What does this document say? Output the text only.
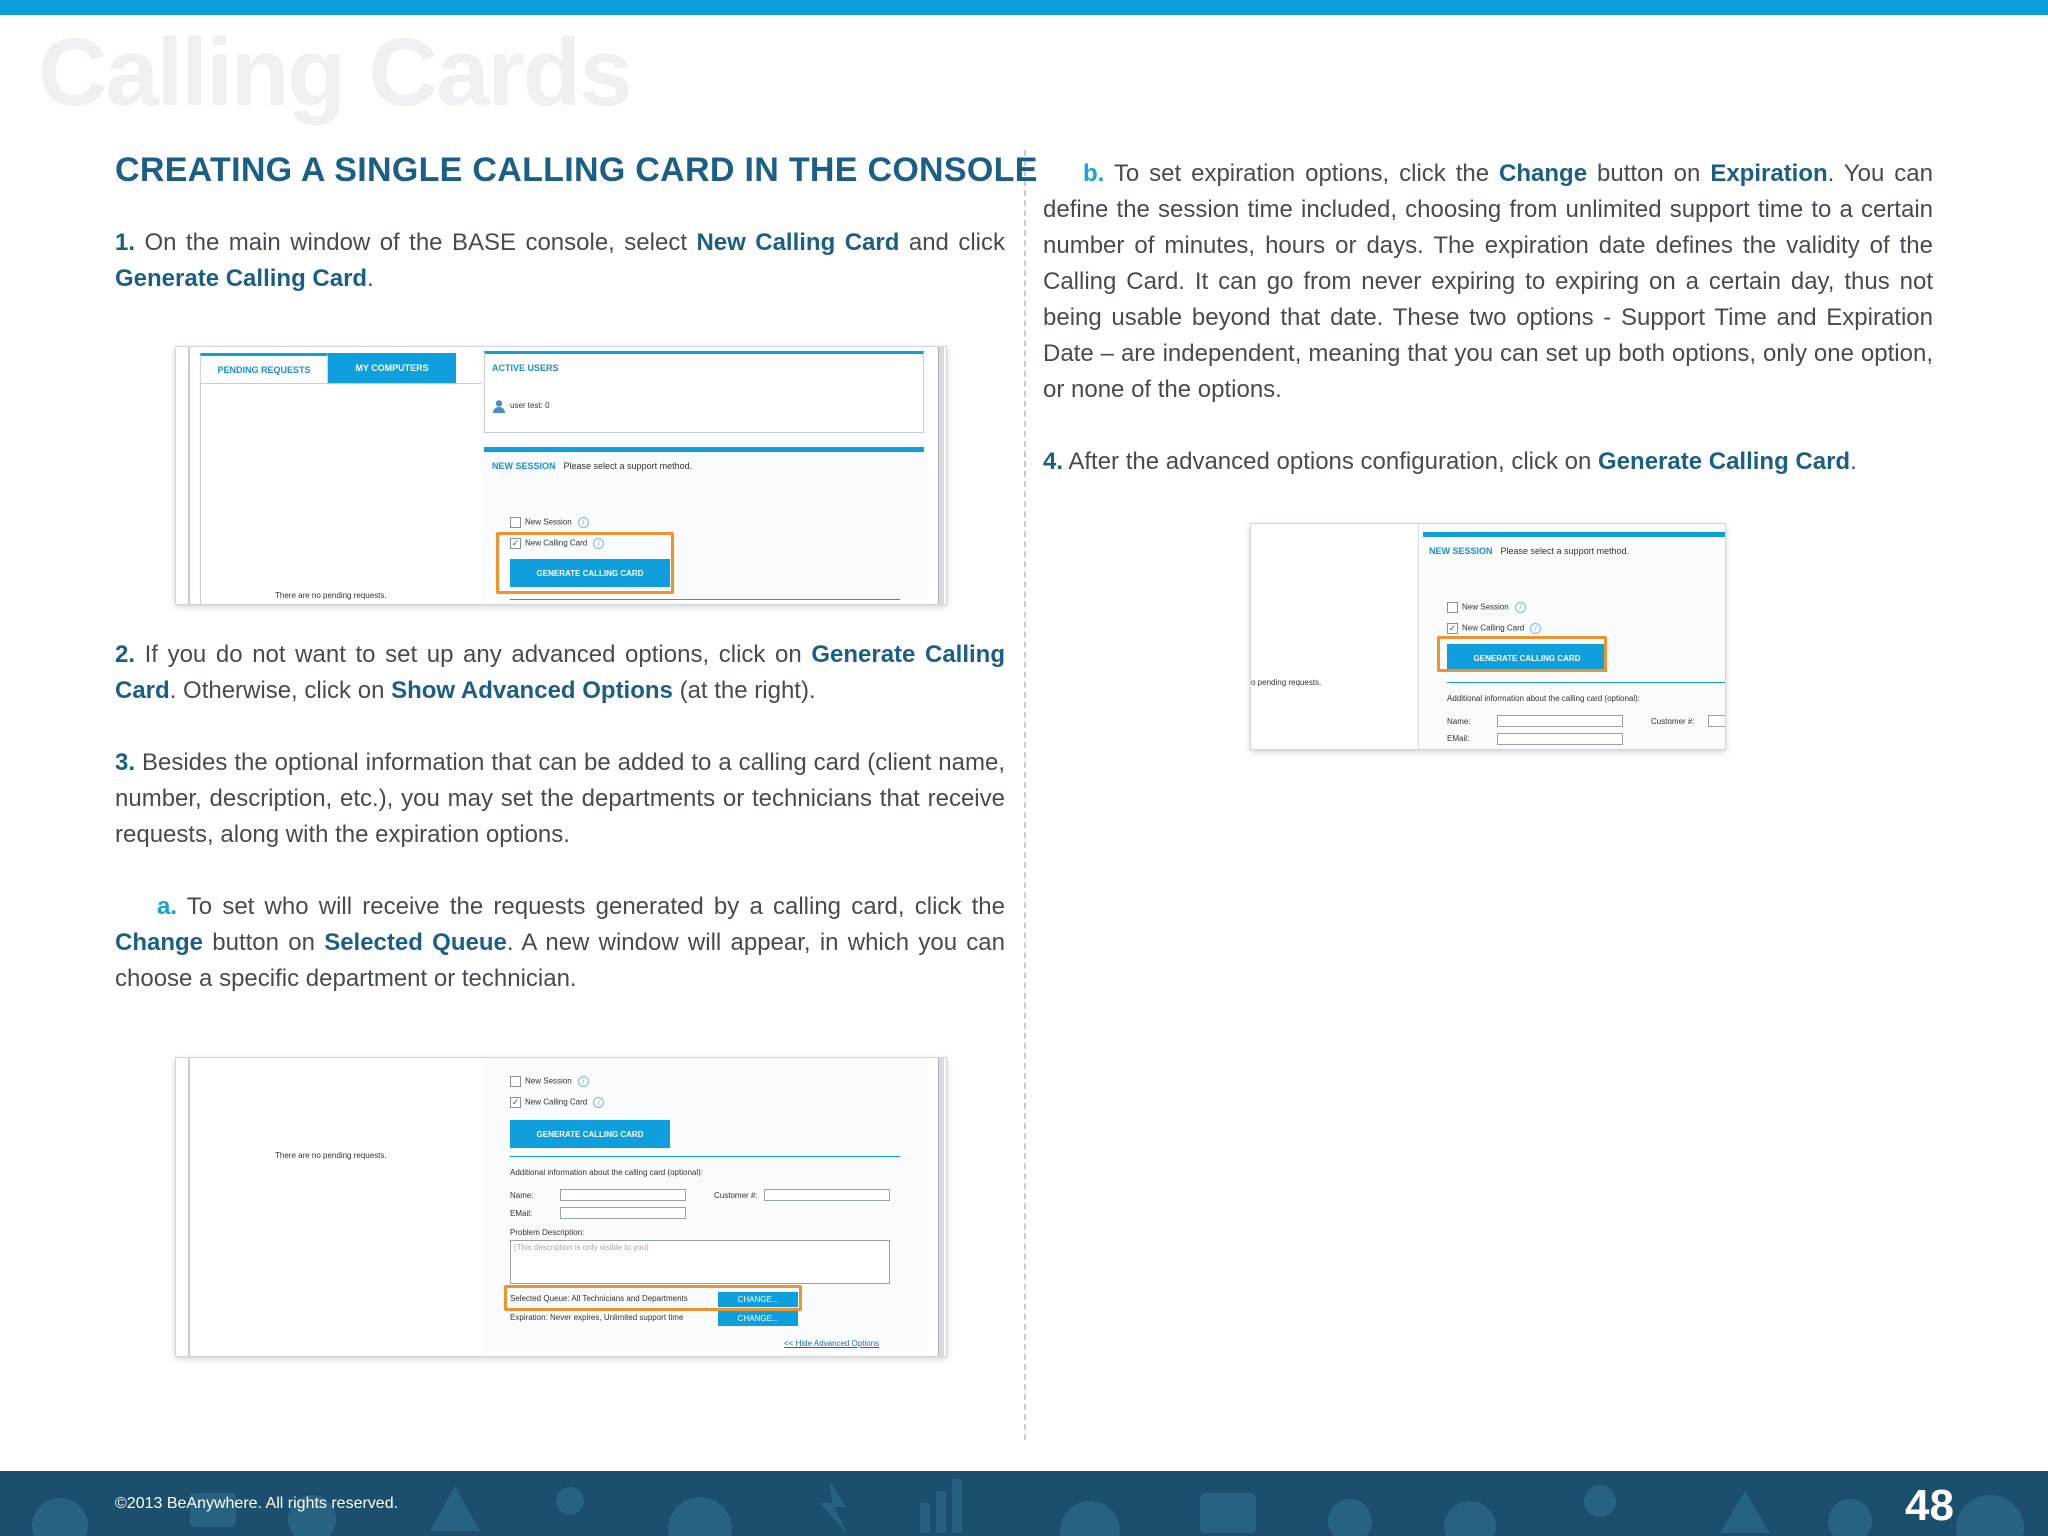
Calling Cards
CREATING A SINGLE CALLING CARD IN THE CONSOLE

1. On the main window of the BASE console, select New Calling Card and click Generate Calling Card.

2. If you do not want to set up any advanced options, click on Generate Calling Card. Otherwise, click on Show Advanced Options (at the right).

3. Besides the optional information that can be added to a calling card (client name, number, description, etc.), you may set the departments or technicians that receive requests, along with the expiration options.

a. To set who will receive the requests generated by a calling card, click the Change button on Selected Queue. A new window will appear, in which you can choose a specific department or technician.

b. To set expiration options, click the Change button on Expiration. You can define the session time included, choosing from unlimited support time to a certain number of minutes, hours or days. The expiration date defines the validity of the Calling Card. It can go from never expiring to expiring on a certain day, thus not being usable beyond that date. These two options - Support Time and Expiration Date – are independent, meaning that you can set up both options, only one option, or none of the options.

4. After the advanced options configuration, click on Generate Calling Card.

PENDING REQUESTS	MY COMPUTERS
There are no pending requests.
ACTIVE USERS
user test: 0
NEW SESSION Please select a support method.
New Session i
✓ New Calling Card i
GENERATE CALLING CARD
There are no pending requests.
New Session i
✓ New Calling Card i
GENERATE CALLING CARD
Additional information about the calling card (optional):
Name:	Customer #:
EMail:
Problem Description:
(This description is only visible to you)
Selected Queue: All Technicians and Departments	CHANGE...
Expiration: Never expires, Unlimited support time	CHANGE...
<< Hide Advanced Options
o pending requests.
NEW SESSION Please select a support method.
New Session i
✓ New Calling Card i
GENERATE CALLING CARD
Additional information about the calling card (optional):
Name:	Customer #:
EMail:
©2013 BeAnywhere. All rights reserved.	48
